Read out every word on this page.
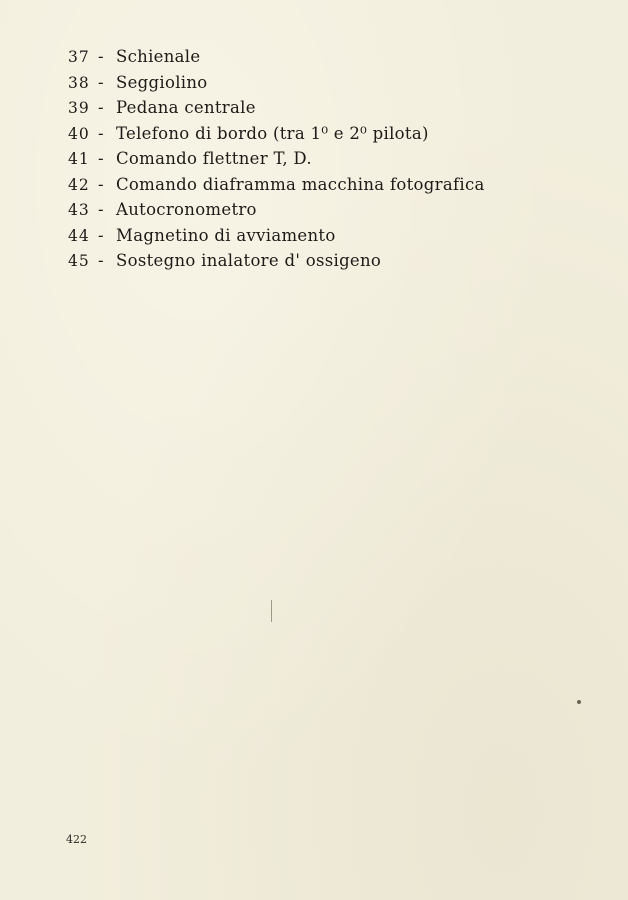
37 - Schienale
38 - Seggiolino
39 - Pedana centrale
40 - Telefono di bordo (tra 1⁰ e 2⁰ pilota)
41 - Comando flettner T, D.
42 - Comando diaframma macchina fotografica
43 - Autocronometro
44 - Magnetino di avviamento
45 - Sostegno inalatore d' ossigeno
422
